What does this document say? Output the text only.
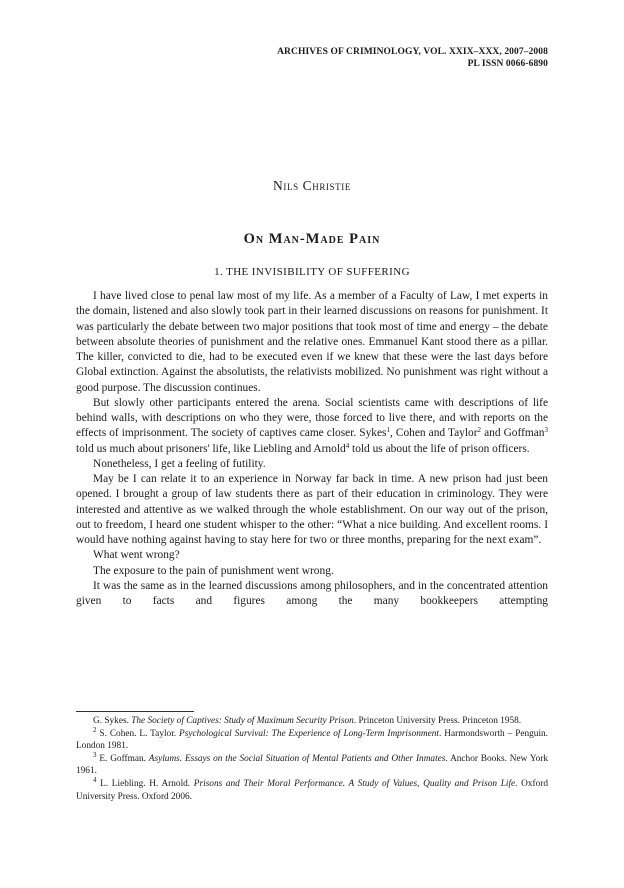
ARCHIVES OF CRIMINOLOGY, VOL. XXIX–XXX, 2007–2008
PL ISSN 0066-6890
Nils Christie
On Man-Made Pain
1. THE INVISIBILITY OF SUFFERING

I have lived close to penal law most of my life. As a member of a Faculty of Law, I met experts in the domain, listened and also slowly took part in their learned discussions on reasons for punishment. It was particularly the debate between two major positions that took most of time and energy – the debate between absolute theories of punishment and the relative ones. Emmanuel Kant stood there as a pillar. The killer, convicted to die, had to be executed even if we knew that these were the last days before Global extinction. Against the absolutists, the relativists mobilized. No punishment was right without a good purpose. The discussion continues.

But slowly other participants entered the arena. Social scientists came with descriptions of life behind walls, with descriptions on who they were, those forced to live there, and with reports on the effects of imprisonment. The society of captives came closer. Sykes$^1$, Cohen and Taylor$^2$ and Goffman$^3$ told us much about prisoners' life, like Liebling and Arnold$^4$ told us about the life of prison officers.

Nonetheless, I get a feeling of futility.

May be I can relate it to an experience in Norway far back in time. A new prison had just been opened. I brought a group of law students there as part of their education in criminology. They were interested and attentive as we walked through the whole establishment. On our way out of the prison, out to freedom, I heard one student whisper to the other: “What a nice building. And excellent rooms. I would have nothing against having to stay here for two or three months, preparing for the next exam”.

What went wrong?

The exposure to the pain of punishment went wrong.

It was the same as in the learned discussions among philosophers, and in the concentrated attention given to facts and figures among the many bookkeepers attempting

G. Sykes. The Society of Captives: Study of Maximum Security Prison. Princeton University Press. Princeton 1958.

$^2$ S. Cohen. L. Taylor. Psychological Survival: The Experience of Long-Term Imprisonment. Harmondsworth – Penguin. London 1981.

$^3$ E. Goffman. Asylums. Essays on the Social Situation of Mental Patients and Other Inmates. Anchor Books. New York 1961.

$^4$ L. Liebling. H. Arnold. Prisons and Their Moral Performance. A Study of Values, Quality and Prison Life. Oxford University Press. Oxford 2006.
